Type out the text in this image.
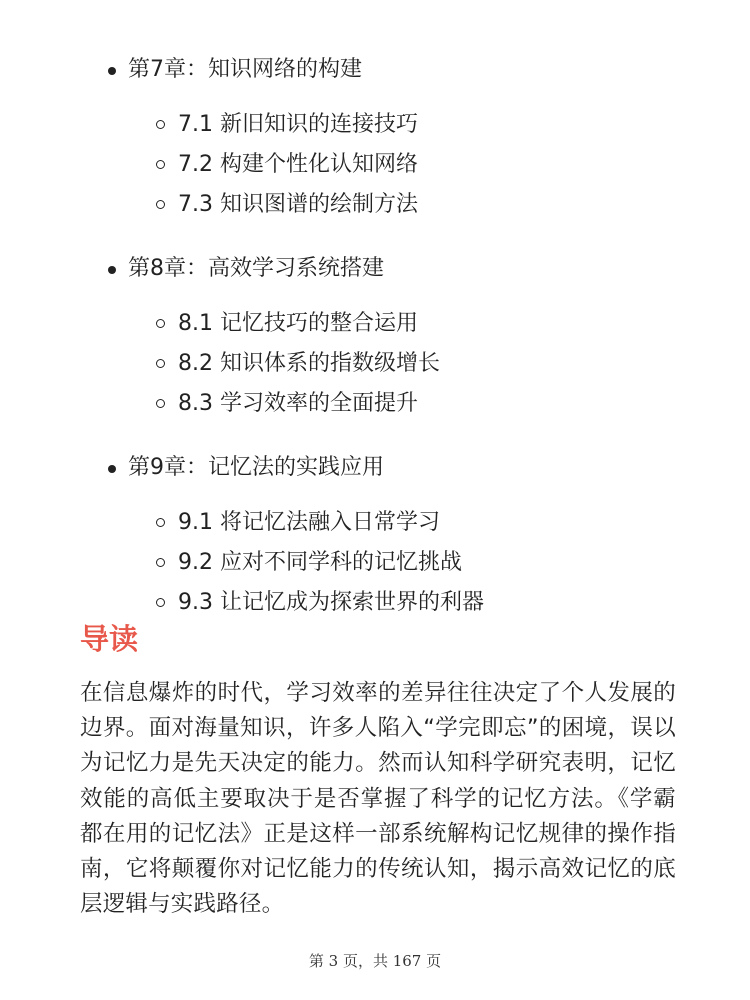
第7章：知识网络的构建
7.1 新旧知识的连接技巧
7.2 构建个性化认知网络
7.3 知识图谱的绘制方法
第8章：高效学习系统搭建
8.1 记忆技巧的整合运用
8.2 知识体系的指数级增长
8.3 学习效率的全面提升
第9章：记忆法的实践应用
9.1 将记忆法融入日常学习
9.2 应对不同学科的记忆挑战
9.3 让记忆成为探索世界的利器
导读

在信息爆炸的时代，学习效率的差异往往决定了个人发展的边界。面对海量知识，许多人陷入“学完即忘”的困境，误以为记忆力是先天决定的能力。然而认知科学研究表明，记忆效能的高低主要取决于是否掌握了科学的记忆方法。《学霸都在用的记忆法》正是这样一部系统解构记忆规律的操作指南，它将颠覆你对记忆能力的传统认知，揭示高效记忆的底层逻辑与实践路径。

第 3 页，共 167 页
